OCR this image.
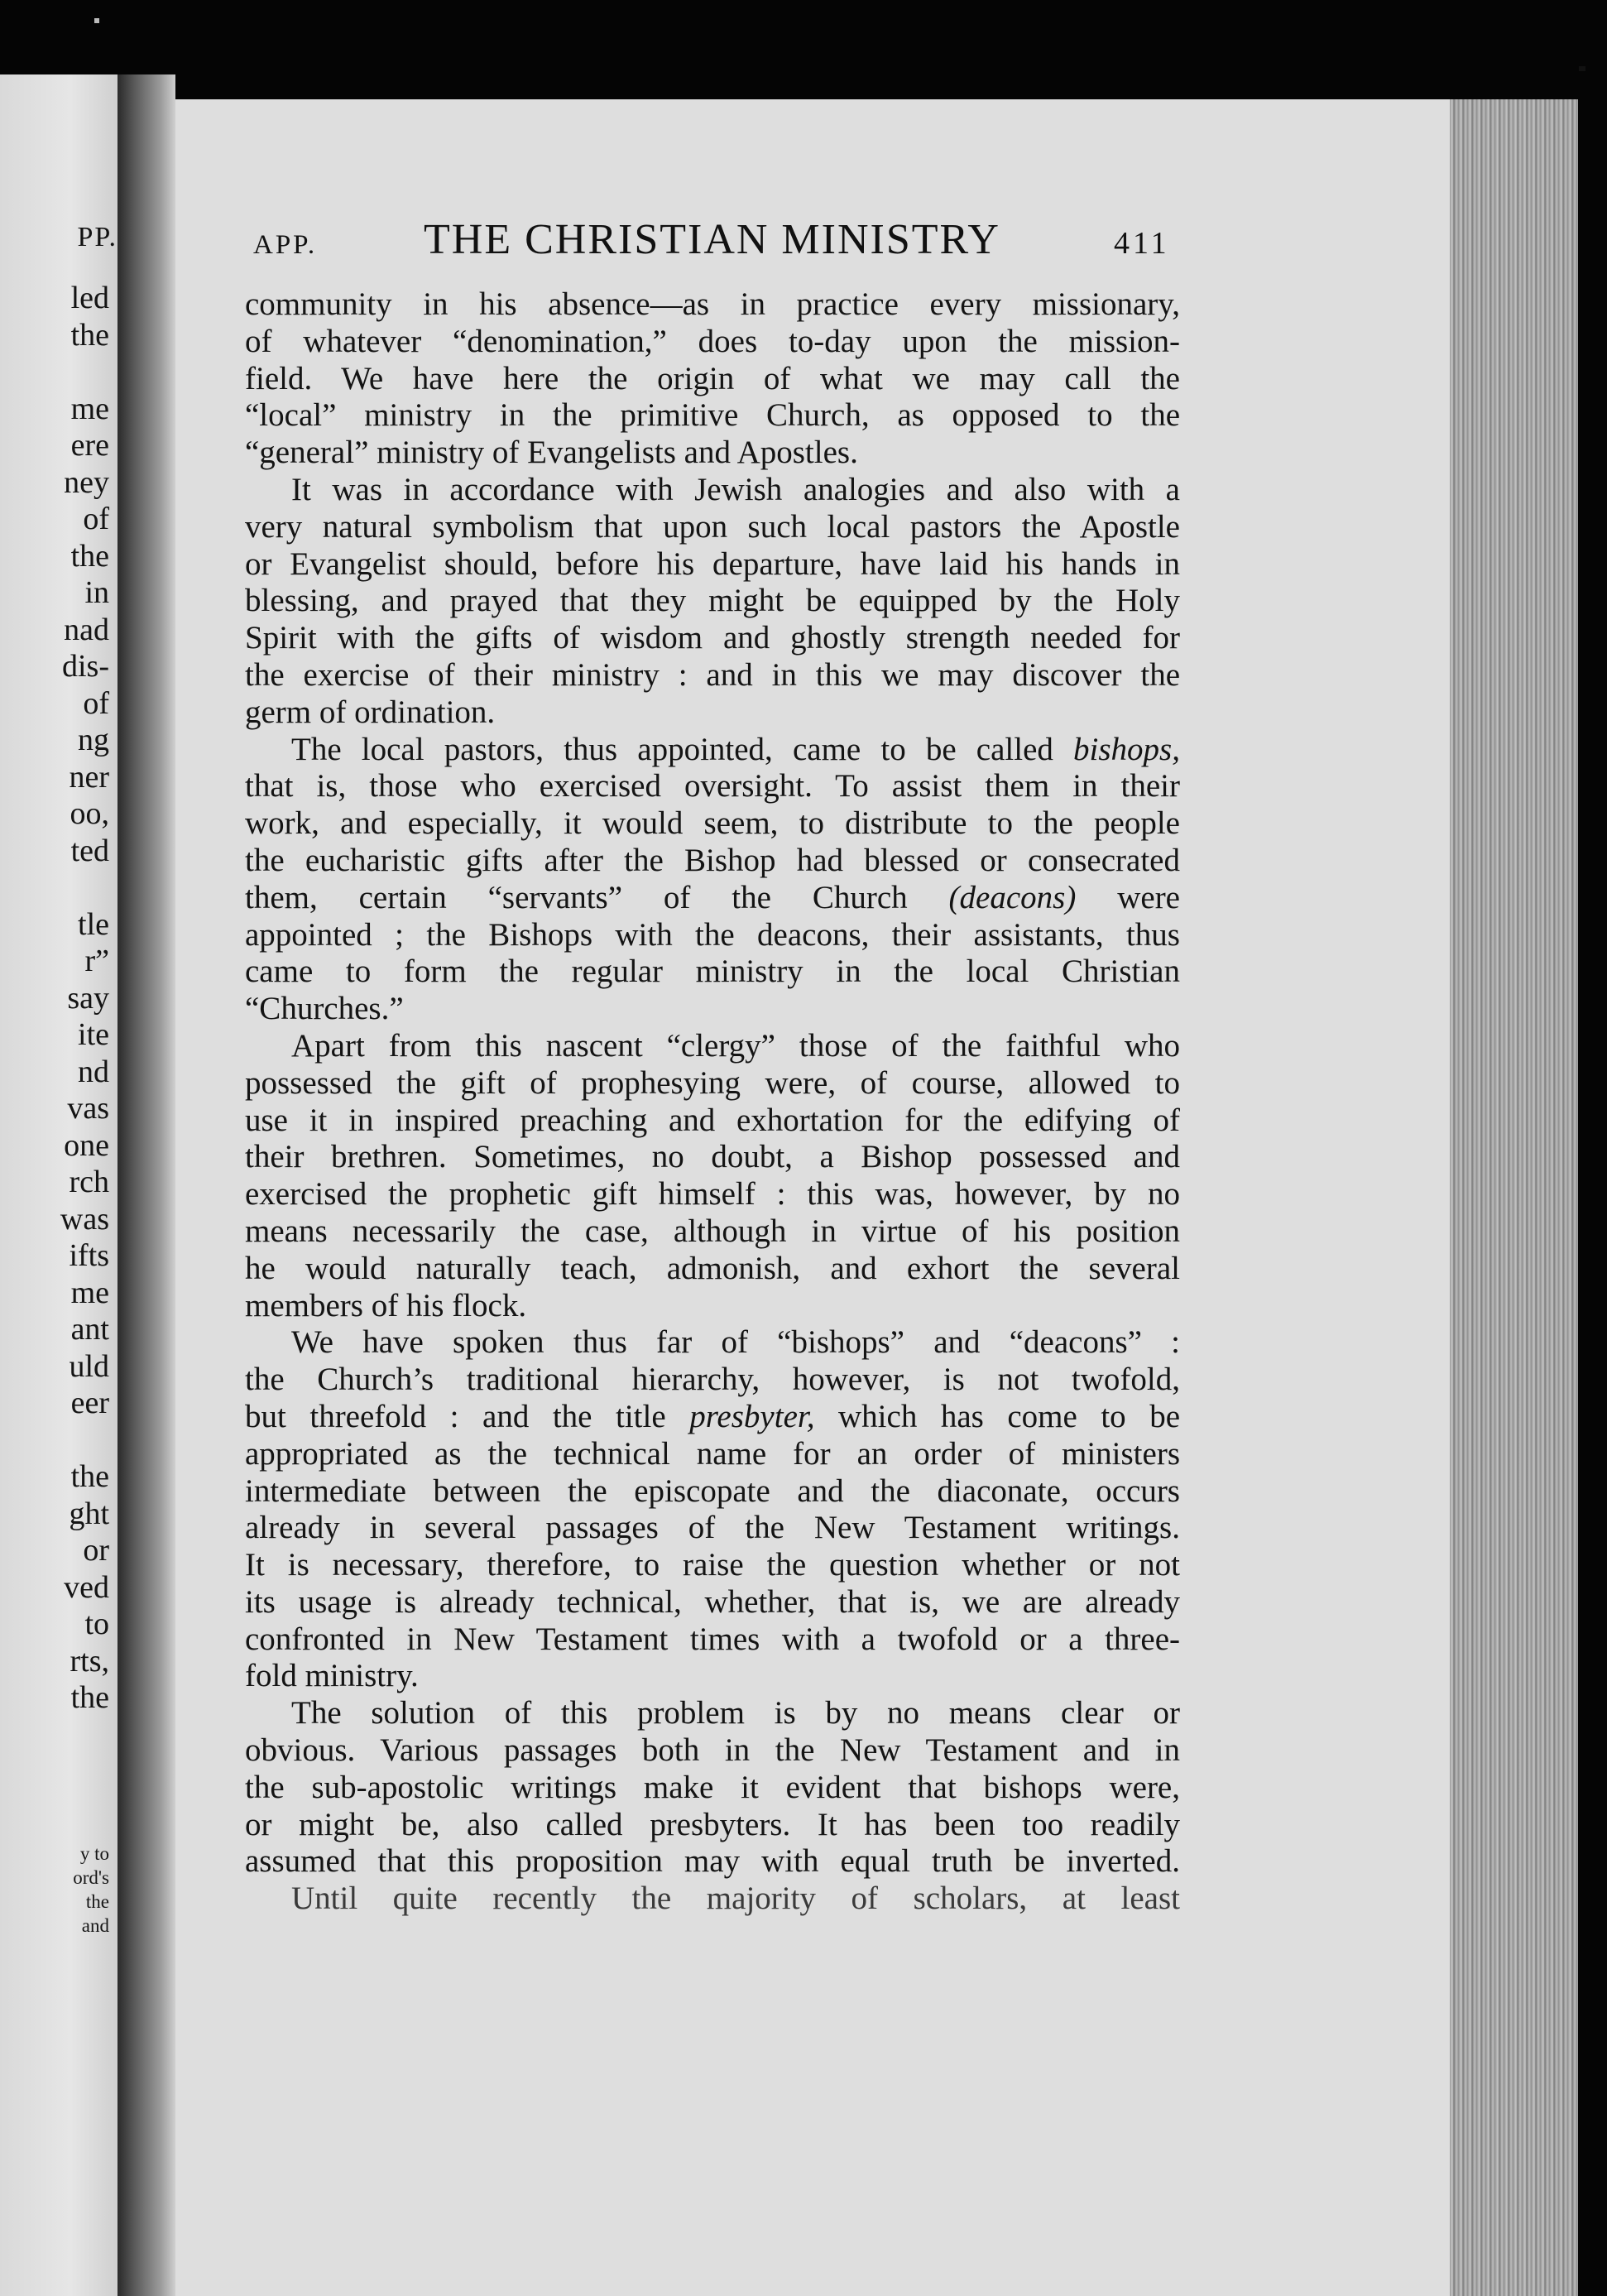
PP.
led
the

me
ere
ney
of
the
in
nad
dis-
of
ng
ner
oo,
ted

tle
r”
say
ite
nd
vas
one
rch
was
ifts
me
ant
uld
eer

the
ght
or
ved
to
rts,
the
y to
ord's
the
and
APP. THE CHRISTIAN MINISTRY	411
community in his absence—as in practice every missionary,
of whatever “denomination,” does to-day upon the mission-
field. We have here the origin of what we may call the
“local” ministry in the primitive Church, as opposed to the
“general” ministry of Evangelists and Apostles.
It was in accordance with Jewish analogies and also with a
very natural symbolism that upon such local pastors the Apostle
or Evangelist should, before his departure, have laid his hands in
blessing, and prayed that they might be equipped by the Holy
Spirit with the gifts of wisdom and ghostly strength needed for
the exercise of their ministry : and in this we may discover the
germ of ordination.
The local pastors, thus appointed, came to be called bishops,
that is, those who exercised oversight. To assist them in their
work, and especially, it would seem, to distribute to the people
the eucharistic gifts after the Bishop had blessed or consecrated
them, certain “servants” of the Church (deacons) were
appointed ; the Bishops with the deacons, their assistants, thus
came to form the regular ministry in the local Christian
“Churches.”
Apart from this nascent “clergy” those of the faithful who
possessed the gift of prophesying were, of course, allowed to
use it in inspired preaching and exhortation for the edifying of
their brethren. Sometimes, no doubt, a Bishop possessed and
exercised the prophetic gift himself : this was, however, by no
means necessarily the case, although in virtue of his position
he would naturally teach, admonish, and exhort the several
members of his flock.
We have spoken thus far of “bishops” and “deacons” :
the Church’s traditional hierarchy, however, is not twofold,
but threefold : and the title presbyter, which has come to be
appropriated as the technical name for an order of ministers
intermediate between the episcopate and the diaconate, occurs
already in several passages of the New Testament writings.
It is necessary, therefore, to raise the question whether or not
its usage is already technical, whether, that is, we are already
confronted in New Testament times with a twofold or a three-
fold ministry.
The solution of this problem is by no means clear or
obvious. Various passages both in the New Testament and in
the sub-apostolic writings make it evident that bishops were,
or might be, also called presbyters. It has been too readily
assumed that this proposition may with equal truth be inverted.
Until quite recently the majority of scholars, at least
